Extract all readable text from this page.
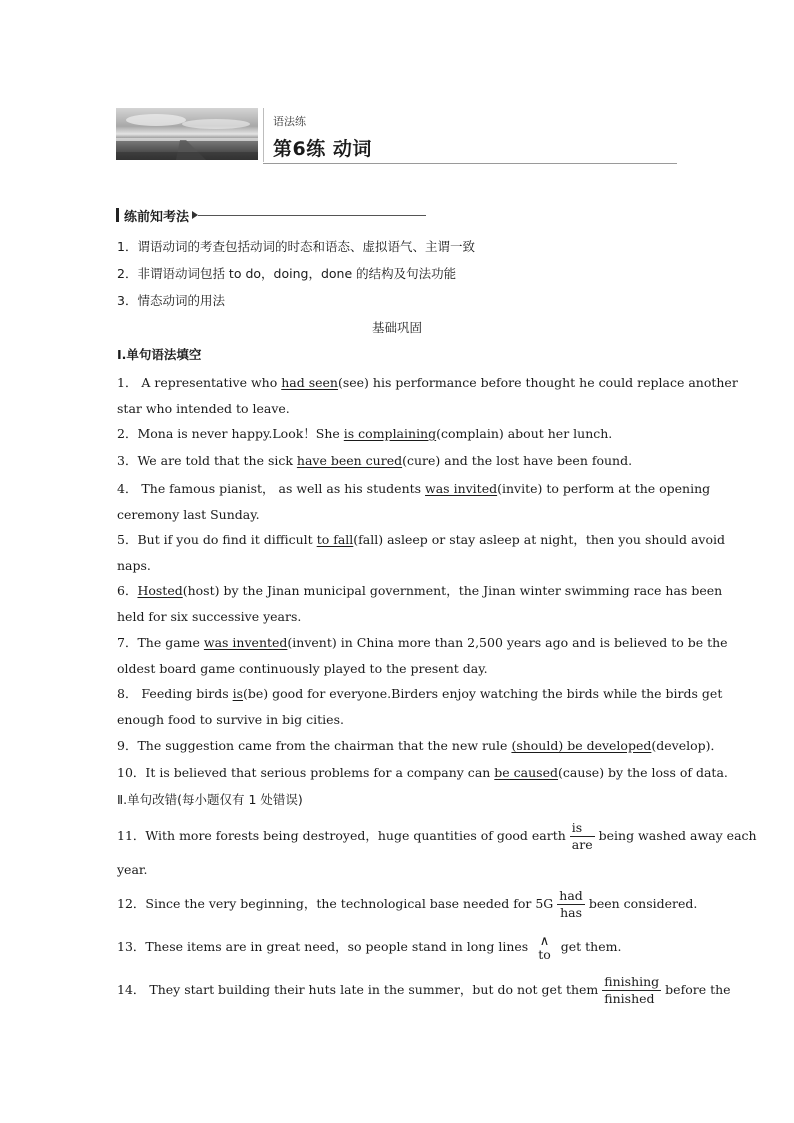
语法练
第6练 动词
练前知考法
1．谓语动词的考查包括动词的时态和语态、虚拟语气、主谓一致
2．非谓语动词包括 to do，doing，done 的结构及句法功能
3．情态动词的用法
基础巩固
Ⅰ.单句语法填空
1． A representative who had seen(see) his performance before thought he could replace another
star who intended to leave.
2．Mona is never happy.Look！She is complaining(complain) about her lunch.
3．We are told that the sick have been cured(cure) and the lost have been found.
4． The famous pianist， as well as his students was invited(invite) to perform at the opening
ceremony last Sunday.
5．But if you do find it difficult to fall(fall) asleep or stay asleep at night，then you should avoid
naps.
6．Hosted(host) by the Jinan municipal government，the Jinan winter swimming race has been
held for six successive years.
7．The game was invented(invent) in China more than 2,500 years ago and is believed to be the
oldest board game continuously played to the present day.
8． Feeding birds is(be) good for everyone.Birders enjoy watching the birds while the birds get
enough food to survive in big cities.
9．The suggestion came from the chairman that the new rule (should) be developed(develop)．
10．It is believed that serious problems for a company can be caused(cause) by the loss of data.
Ⅱ.单句改错(每小题仅有 1 处错误)
11．With more forests being destroyed，huge quantities of good earth $\frac{is}{\text{are}}$ being washed away each
year.
12．Since the very beginning，the technological base needed for $5G \frac{\text{had}}{\text{has}}$ been considered.
13．These items are in great need，so people stand in long lines ∧
to get them.
14． They start building their huts late in the summer，but do not get them $\frac{\text{finishing}}{\text{finished}}$ before the
